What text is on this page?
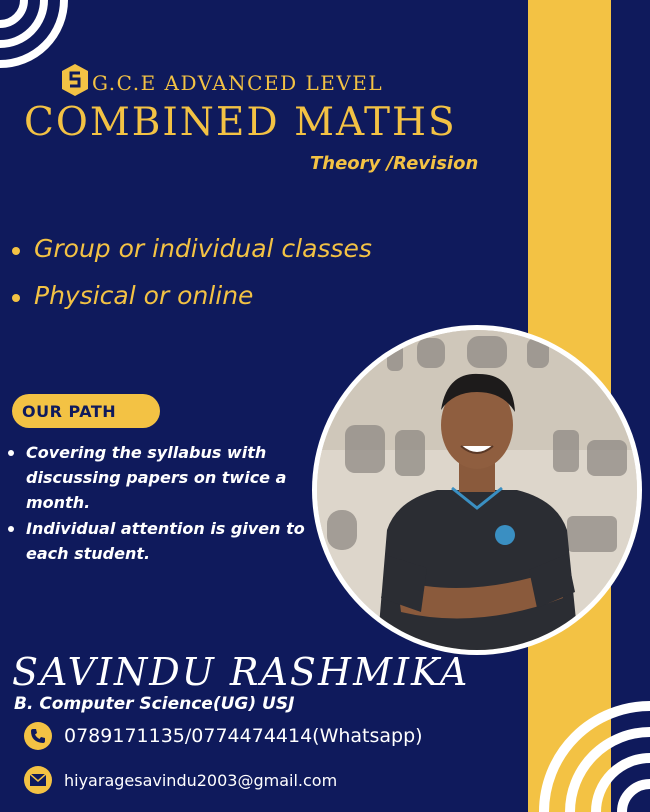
G.C.E ADVANCED LEVEL
COMBINED MATHS
Theory /Revision
Group or individual classes
Physical or online
OUR PATH
Covering the syllabus with discussing papers on twice a month.
Individual attention is given to each student.
SAVINDU RASHMIKA
B. Computer Science(UG) USJ
0789171135/0774474414(Whatsapp)
hiyaragesavindu2003@gmail.com
